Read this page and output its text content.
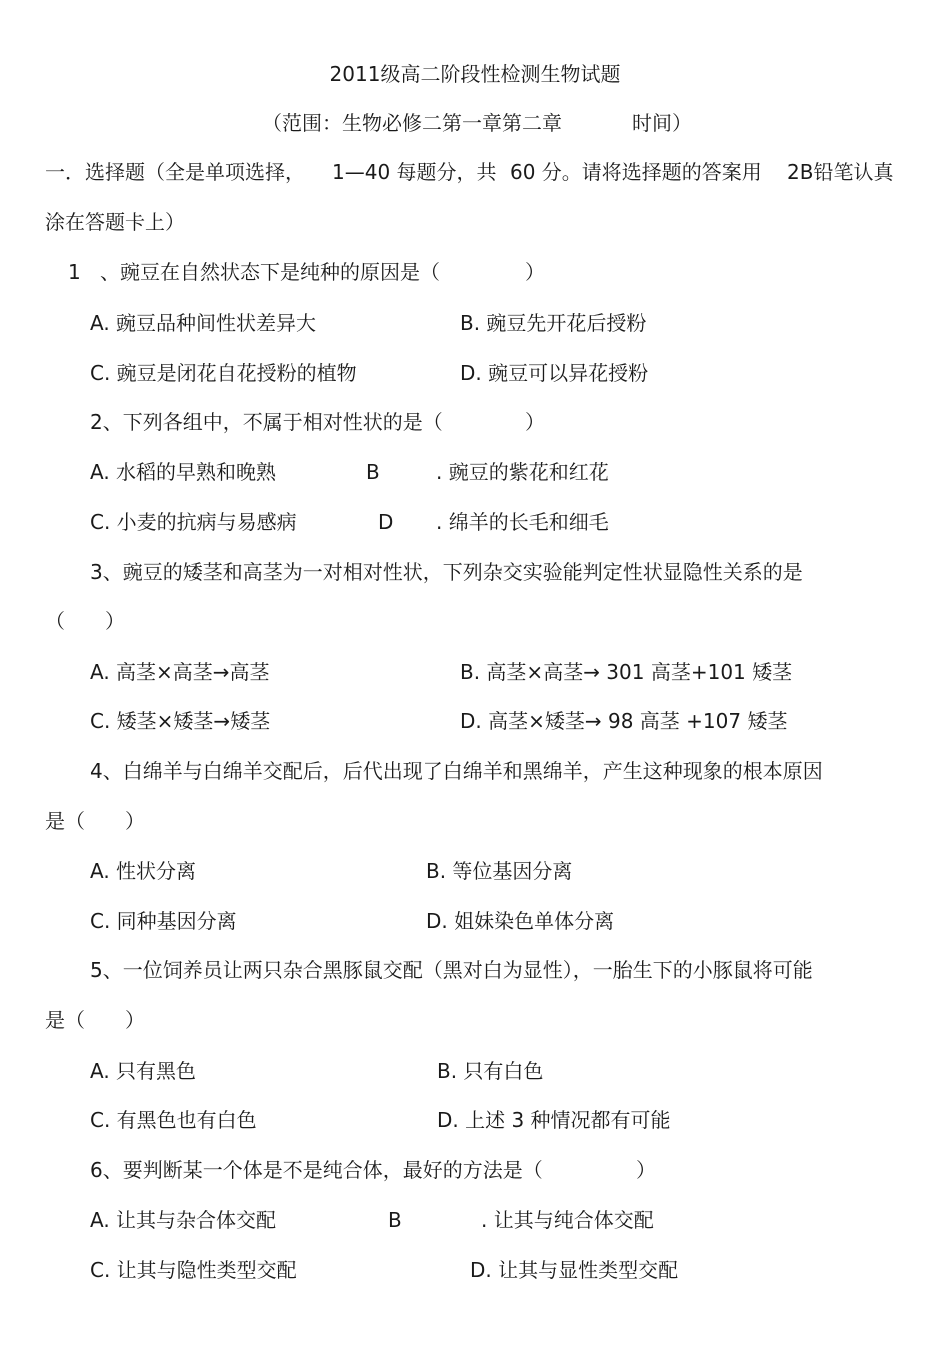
2011级高二阶段性检测生物试题
（范围：生物必修二第一章第二章	时间）
一．选择题（全是单项选择， 1—40 每题分，共 60 分。请将选择题的答案用 2B铅笔认真
涂在答题卡上）
1 、豌豆在自然状态下是纯种的原因是（	）
A. 豌豆品种间性状差异大	B. 豌豆先开花后授粉
C. 豌豆是闭花自花授粉的植物	D. 豌豆可以异花授粉
2、下列各组中，不属于相对性状的是（	）
A. 水稻的早熟和晚熟	B	. 豌豆的紫花和红花
C. 小麦的抗病与易感病	D . 绵羊的长毛和细毛
3、豌豆的矮茎和高茎为一对相对性状，下列杂交实验能判定性状显隐性关系的是
（　　）
A. 高茎×高茎→高茎	B. 高茎×高茎→ 301 高茎+101 矮茎
C. 矮茎×矮茎→矮茎	D. 高茎×矮茎→ 98 高茎 +107 矮茎
4、白绵羊与白绵羊交配后，后代出现了白绵羊和黑绵羊，产生这种现象的根本原因
是（　　）
A. 性状分离	B. 等位基因分离
C. 同种基因分离	D. 姐妹染色单体分离
5、一位饲养员让两只杂合黑豚鼠交配（黑对白为显性），一胎生下的小豚鼠将可能
是（　　）
A. 只有黑色	B. 只有白色
C. 有黑色也有白色	D. 上述 3 种情况都有可能
6、要判断某一个体是不是纯合体，最好的方法是（	）
A. 让其与杂合体交配	B	. 让其与纯合体交配
C. 让其与隐性类型交配	D. 让其与显性类型交配
